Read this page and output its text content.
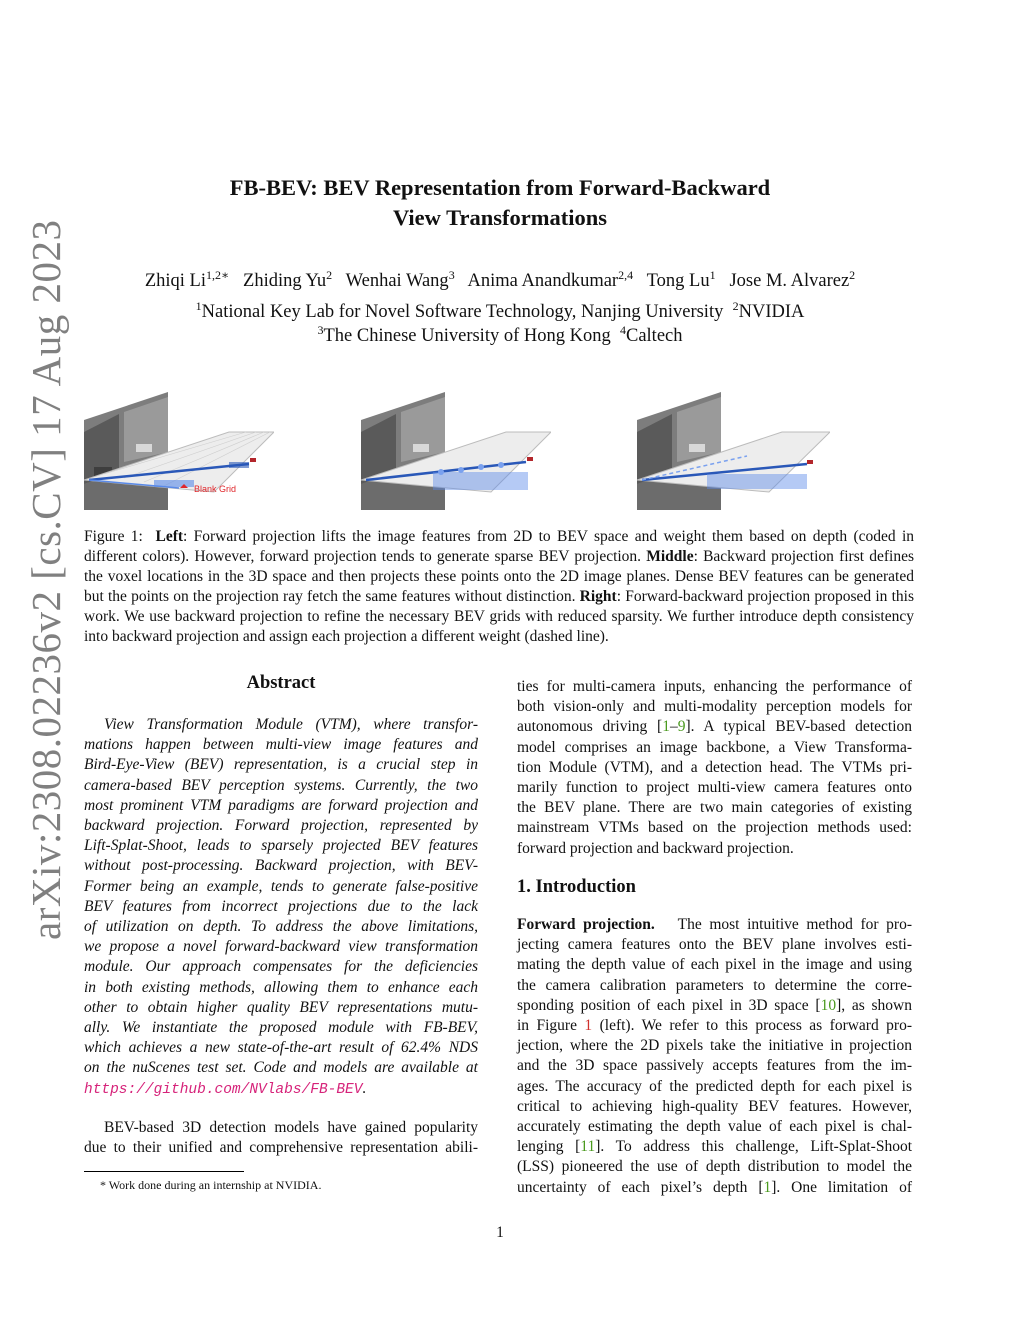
arXiv:2308.02236v2 [cs.CV] 17 Aug 2023
FB-BEV: BEV Representation from Forward-Backward
View Transformations
Zhiqi $Li^{1,2∗}$ Zhiding Yu$^2$ Wenhai Wang$^3$ Anima Anandkumar$^{2,4}$ Tong Lu$^1$ Jose M. Alvarez$^2$
$^1$National Key Lab for Novel Software Technology, Nanjing University $^2$NVIDIA
$^3$The Chinese University of Hong Kong $^4$Caltech
Blank Grid
Figure 1: Left: Forward projection lifts the image features from 2D to BEV space and weight them based on depth (coded in different colors). However, forward projection tends to generate sparse BEV projection. Middle: Backward projection first defines the voxel locations in the 3D space and then projects these points onto the 2D image planes. Dense BEV features can be generated but the points on the projection ray fetch the same features without distinction. Right: Forward-backward projection proposed in this work. We use backward projection to refine the necessary BEV grids with reduced sparsity. We further introduce depth consistency into backward projection and assign each projection a different weight (dashed line).
Abstract
View Transformation Module (VTM), where transfor-
mations happen between multi-view image features and
Bird-Eye-View (BEV) representation, is a crucial step in
camera-based BEV perception systems. Currently, the two
most prominent VTM paradigms are forward projection and
backward projection. Forward projection, represented by
Lift-Splat-Shoot, leads to sparsely projected BEV features
without post-processing. Backward projection, with BEV-
Former being an example, tends to generate false-positive
BEV features from incorrect projections due to the lack
of utilization on depth. To address the above limitations,
we propose a novel forward-backward view transformation
module. Our approach compensates for the deficiencies
in both existing methods, allowing them to enhance each
other to obtain higher quality BEV representations mutu-
ally. We instantiate the proposed module with FB-BEV,
which achieves a new state-of-the-art result of 62.4% NDS
on the nuScenes test set. Code and models are available at
https://github.com/NVlabs/FB-BEV.
BEV-based 3D detection models have gained popularity
due to their unified and comprehensive representation abili-
* Work done during an internship at NVIDIA.
ties for multi-camera inputs, enhancing the performance of
both vision-only and multi-modality perception models for
autonomous driving [1–9]. A typical BEV-based detection
model comprises an image backbone, a View Transforma-
tion Module (VTM), and a detection head. The VTMs pri-
marily function to project multi-view camera features onto
the BEV plane. There are two main categories of existing
mainstream VTMs based on the projection methods used:
forward projection and backward projection.
1. Introduction
Forward projection. The most intuitive method for pro-
jecting camera features onto the BEV plane involves esti-
mating the depth value of each pixel in the image and using
the camera calibration parameters to determine the corre-
sponding position of each pixel in 3D space [10], as shown
in Figure 1 (left). We refer to this process as forward pro-
jection, where the 2D pixels take the initiative in projection
and the 3D space passively accepts features from the im-
ages. The accuracy of the predicted depth for each pixel is
critical to achieving high-quality BEV features. However,
accurately estimating the depth value of each pixel is chal-
lenging [11]. To address this challenge, Lift-Splat-Shoot
(LSS) pioneered the use of depth distribution to model the
uncertainty of each pixel’s depth [1]. One limitation of
1
